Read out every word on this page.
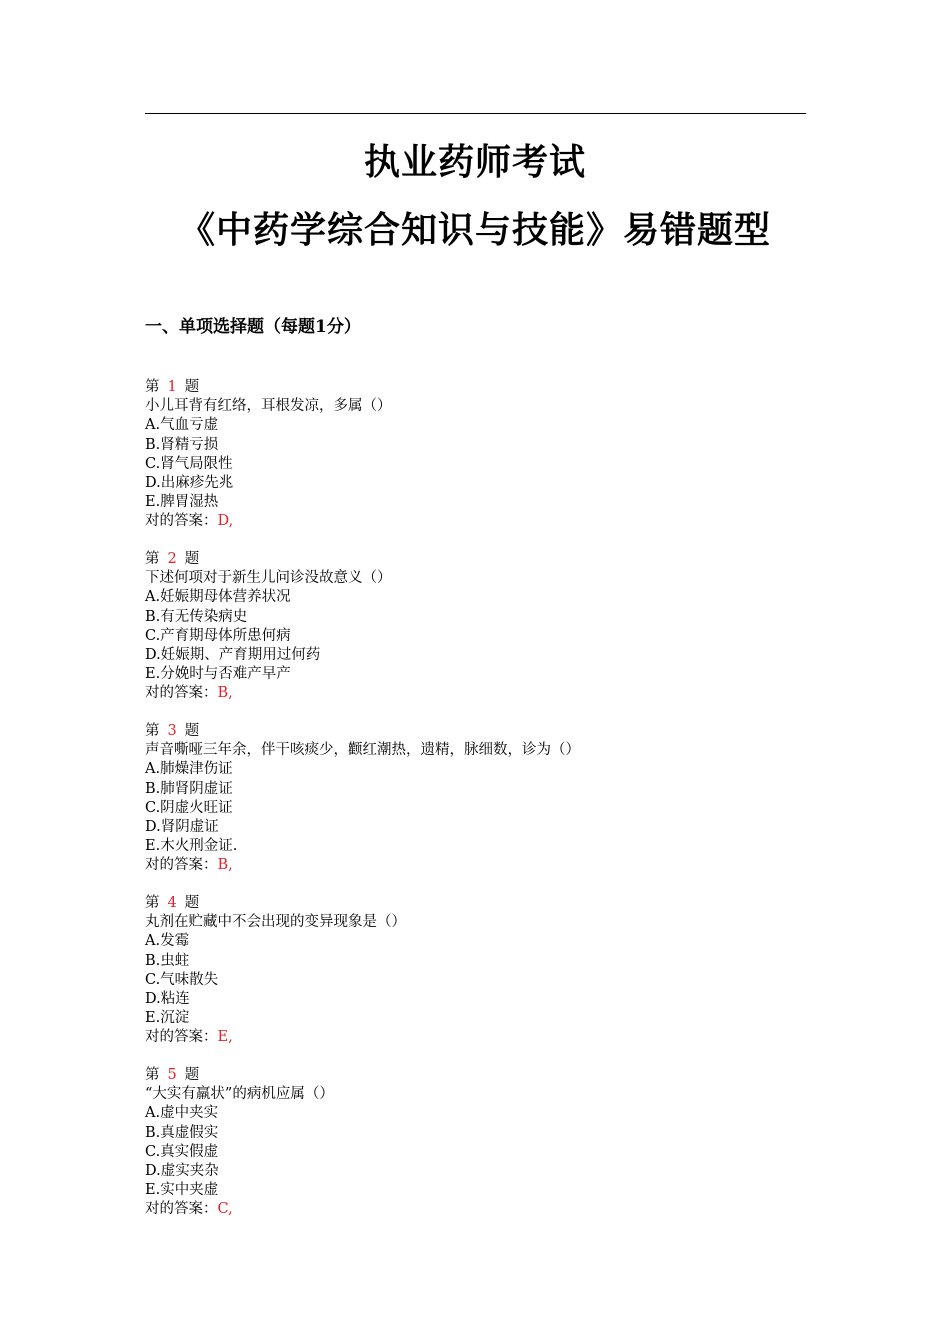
执业药师考试
《中药学综合知识与技能》易错题型
一、单项选择题（每题1分）
第 1 题
小儿耳背有红络，耳根发凉，多属（）
A.气血亏虚
B.肾精亏损
C.肾气局限性
D.出麻疹先兆
E.脾胃湿热
对的答案：D,
第 2 题
下述何项对于新生儿问诊没故意义（）
A.妊娠期母体营养状况
B.有无传染病史
C.产育期母体所患何病
D.妊娠期、产育期用过何药
E.分娩时与否难产早产
对的答案：B,
第 3 题
声音嘶哑三年余，伴干咳痰少，颧红潮热，遗精，脉细数，诊为（）
A.肺燥津伤证
B.肺肾阴虚证
C.阴虚火旺证
D.肾阴虚证
E.木火刑金证.
对的答案：B,
第 4 题
丸剂在贮藏中不会出现的变异现象是（）
A.发霉
B.虫蛀
C.气味散失
D.粘连
E.沉淀
对的答案：E,
第 5 题
“大实有羸状”的病机应属（）
A.虚中夹实
B.真虚假实
C.真实假虚
D.虚实夹杂
E.实中夹虚
对的答案：C,
